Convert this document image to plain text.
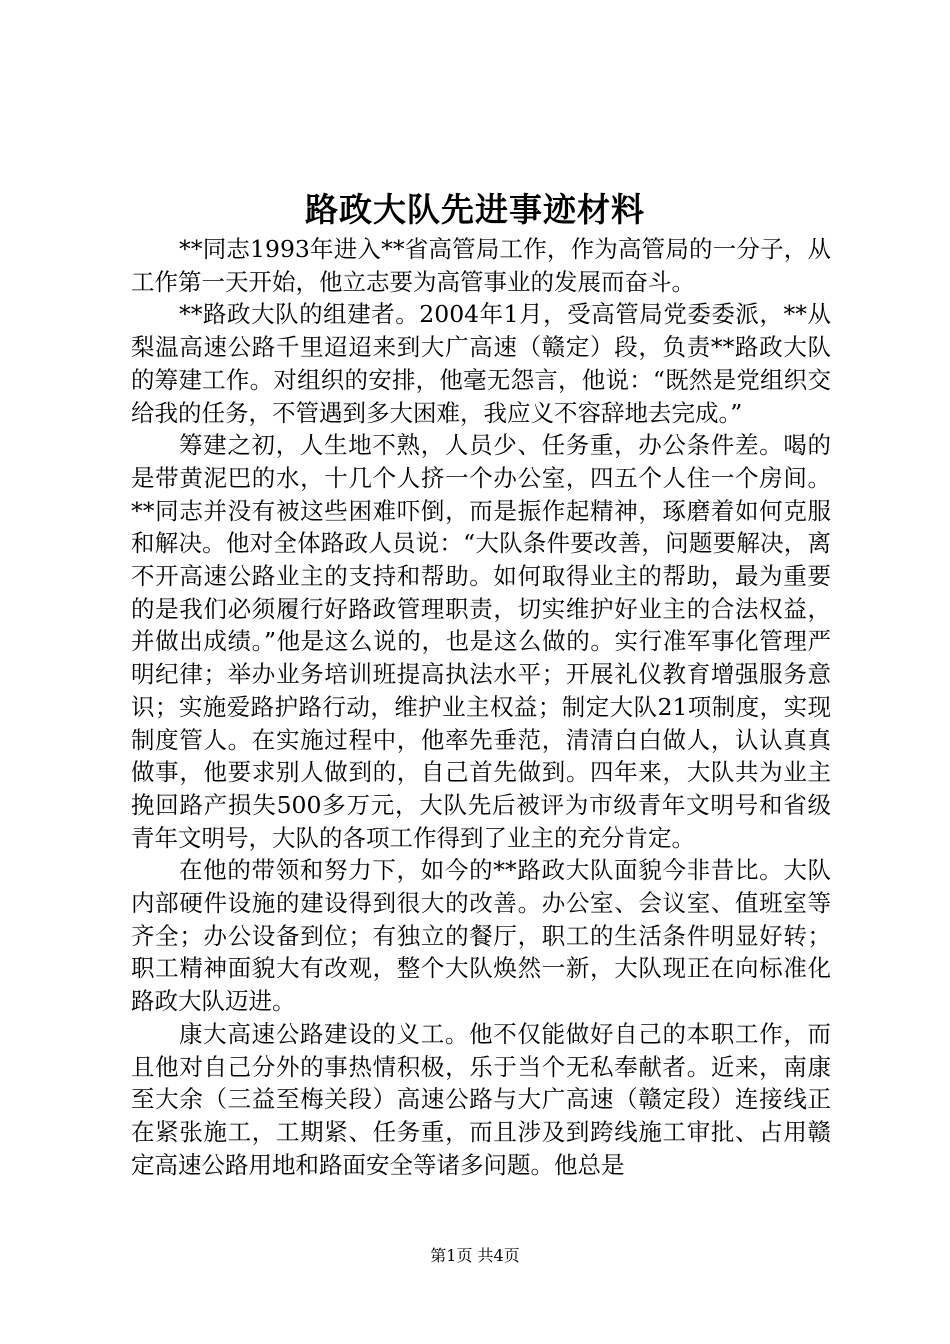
路政大队先进事迹材料

**同志1993年进入**省高管局工作，作为高管局的一分子，从工作第一天开始，他立志要为高管事业的发展而奋斗。

**路政大队的组建者。2004年1月，受高管局党委委派，**从梨温高速公路千里迢迢来到大广高速（赣定）段，负责**路政大队的筹建工作。对组织的安排，他毫无怨言，他说：“既然是党组织交给我的任务，不管遇到多大困难，我应义不容辞地去完成。”

筹建之初，人生地不熟，人员少、任务重，办公条件差。喝的是带黄泥巴的水，十几个人挤一个办公室，四五个人住一个房间。**同志并没有被这些困难吓倒，而是振作起精神，琢磨着如何克服和解决。他对全体路政人员说：“大队条件要改善，问题要解决，离不开高速公路业主的支持和帮助。如何取得业主的帮助，最为重要的是我们必须履行好路政管理职责，切实维护好业主的合法权益，并做出成绩。”他是这么说的，也是这么做的。实行准军事化管理严明纪律；举办业务培训班提高执法水平；开展礼仪教育增强服务意识；实施爱路护路行动，维护业主权益；制定大队21项制度，实现制度管人。在实施过程中，他率先垂范，清清白白做人，认认真真做事，他要求别人做到的，自己首先做到。四年来，大队共为业主挽回路产损失500多万元，大队先后被评为市级青年文明号和省级青年文明号，大队的各项工作得到了业主的充分肯定。

在他的带领和努力下，如今的**路政大队面貌今非昔比。大队内部硬件设施的建设得到很大的改善。办公室、会议室、值班室等齐全；办公设备到位；有独立的餐厅，职工的生活条件明显好转；职工精神面貌大有改观，整个大队焕然一新，大队现正在向标准化路政大队迈进。

康大高速公路建设的义工。他不仅能做好自己的本职工作，而且他对自己分外的事热情积极，乐于当个无私奉献者。近来，南康至大余（三益至梅关段）高速公路与大广高速（赣定段）连接线正在紧张施工，工期紧、任务重，而且涉及到跨线施工审批、占用赣定高速公路用地和路面安全等诸多问题。他总是

第1页 共4页
